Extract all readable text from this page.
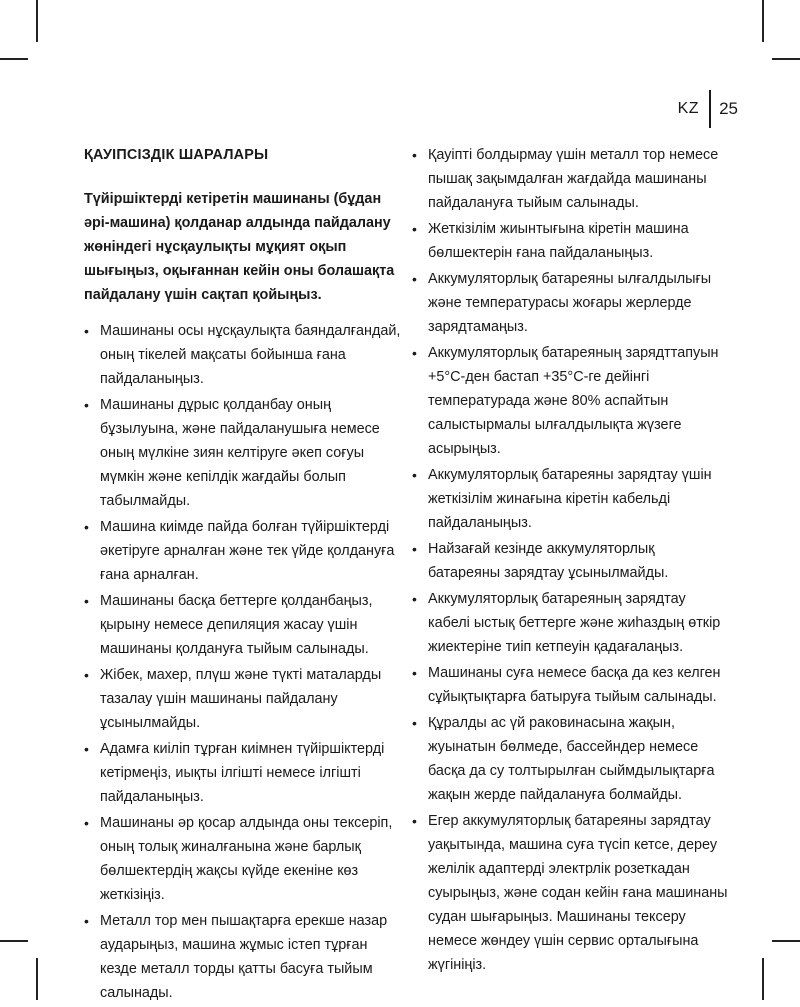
KZ	25
ҚАУІПСІЗДІК ШАРАЛАРЫ

Түйіршіктерді кетіретін машинаны (бұдан әрі-машина) қолданар алдында пайдалану жөніндегі нұсқаулықты мұқият оқып шығыңыз, оқығаннан кейін оны болашақта пайдалану үшін сақтап қойыңыз.

• Машинаны осы нұсқаулықта баяндалғандай, оның тікелей мақсаты бойынша ғана пайдаланыңыз.
• Машинаны дұрыс қолданбау оның бұзылуына, және пайдаланушыға немесе оның мүлкіне зиян келтіруге әкеп соғуы мүмкін және кепілдік жағдайы болып табылмайды.
• Машина киімде пайда болған түйіршіктерді әкетіруге арналған және тек үйде қолдануға ғана арналған.
• Машинаны басқа беттерге қолданбаңыз, қырыну немесе депиляция жасау үшін машинаны қолдануға тыйым салынады.
• Жібек, махер, плүш және түкті маталарды тазалау үшін машинаны пайдалану ұсынылмайды.
• Адамға киіліп тұрған киімнен түйіршіктерді кетірмеңіз, иықты ілгішті немесе ілгішті пайдаланыңыз.
• Машинаны әр қосар алдында оны тексеріп, оның толық жиналғанына және барлық бөлшектердің жақсы күйде екеніне көз жеткізіңіз.
• Металл тор мен пышақтарға ерекше назар аударыңыз, машина жұмыс істеп тұрған кезде металл торды қатты басуға тыйым салынады.
• Қауіпті болдырмау үшін металл тор немесе пышақ зақымдалған жағдайда машинаны пайдалануға тыйым салынады.
• Жеткізілім жиынтығына кіретін машина бөлшектерін ғана пайдаланыңыз.
• Аккумуляторлық батареяны ылғалдылығы және температурасы жоғары жерлерде зарядтамаңыз.
• Аккумуляторлық батареяның зарядттапуын +5°C-ден бастап +35°C-ге дейінгі температурада және 80% аспайтын салыстырмалы ылғалдылықта жүзеге асырыңыз.
• Аккумуляторлық батареяны зарядтау үшін жеткізілім жинағына кіретін кабельді пайдаланыңыз.
• Найзағай кезінде аккумуляторлық батареяны зарядтау ұсынылмайды.
• Аккумуляторлық батареяның зарядтау кабелі ыстық беттерге және жиһаздың өткір жиектеріне тиіп кетпеуін қадағалаңыз.
• Машинаны суға немесе басқа да кез келген сұйықтықтарға батыруға тыйым салынады.
• Құралды ас үй раковинасына жақын, жуынатын бөлмеде, бассейндер немесе басқа да су толтырылған сыймдылықтарға жақын жерде пайдалануға болмайды.
• Егер аккумуляторлық батареяны зарядтау уақытында, машина суға түсіп кетсе, дереу желілік адаптерді электрлік розеткадан суырыңыз, және содан кейін ғана машинаны судан шығарыңыз. Машинаны тексеру немесе жөндеу үшін сервис орталығына жүгініңіз.
